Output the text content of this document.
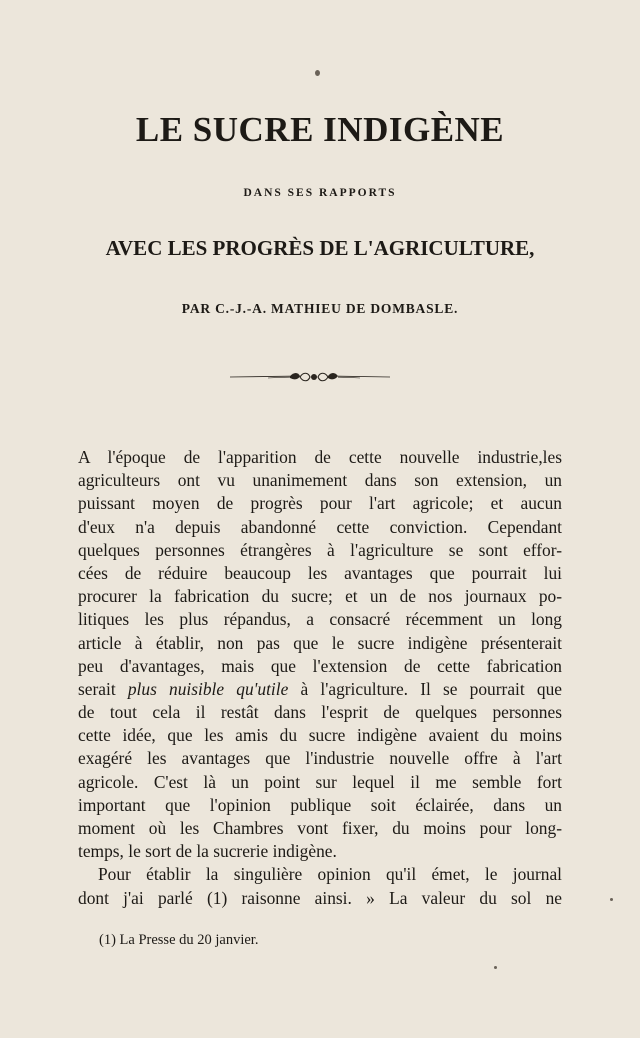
LE SUCRE INDIGÈNE
DANS SES RAPPORTS
AVEC LES PROGRÈS DE L'AGRICULTURE,
PAR C.-J.-A. MATHIEU DE DOMBASLE.
A l'époque de l'apparition de cette nouvelle industrie,les
agriculteurs ont vu unanimement dans son extension, un
puissant moyen de progrès pour l'art agricole; et aucun
d'eux n'a depuis abandonné cette conviction. Cependant
quelques personnes étrangères à l'agriculture se sont effor-
cées de réduire beaucoup les avantages que pourrait lui
procurer la fabrication du sucre; et un de nos journaux po-
litiques les plus répandus, a consacré récemment un long
article à établir, non pas que le sucre indigène présenterait
peu d'avantages, mais que l'extension de cette fabrication
serait plus nuisible qu'utile à l'agriculture. Il se pourrait que
de tout cela il restât dans l'esprit de quelques personnes
cette idée, que les amis du sucre indigène avaient du moins
exagéré les avantages que l'industrie nouvelle offre à l'art
agricole. C'est là un point sur lequel il me semble fort
important que l'opinion publique soit éclairée, dans un
moment où les Chambres vont fixer, du moins pour long-
temps, le sort de la sucrerie indigène.
Pour établir la singulière opinion qu'il émet, le journal
dont j'ai parlé (1) raisonne ainsi. » La valeur du sol ne
(1) La Presse du 20 janvier.
